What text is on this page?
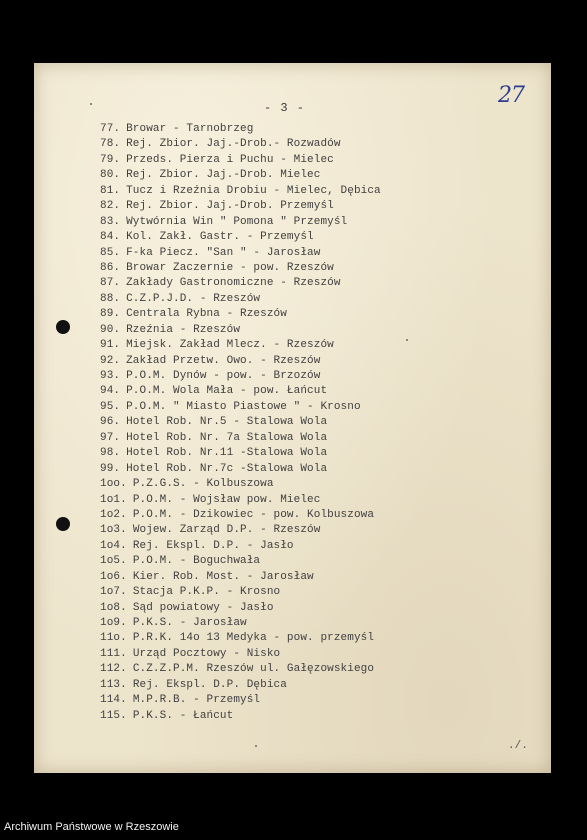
27
- 3 -
77. Browar - Tarnobrzeg
78. Rej. Zbior. Jaj.-Drob.- Rozwadów
79. Przeds. Pierza i Puchu - Mielec
80. Rej. Zbior. Jaj.-Drob. Mielec
81. Tucz i Rzeźnia Drobiu - Mielec, Dębica
82. Rej. Zbior. Jaj.-Drob. Przemyśl
83. Wytwórnia Win " Pomona " Przemyśl
84. Kol. Zakł. Gastr. - Przemyśl
85. F-ka Piecz. "San " - Jarosław
86. Browar Zaczernie - pow. Rzeszów
87. Zakłady Gastronomiczne - Rzeszów
88. C.Z.P.J.D. - Rzeszów
89. Centrala Rybna - Rzeszów
90. Rzeźnia - Rzeszów
91. Miejsk. Zakład Mlecz. - Rzeszów
92. Zakład Przetw. Owo. - Rzeszów
93. P.O.M. Dynów - pow. - Brzozów
94. P.O.M. Wola Mała - pow. Łańcut
95. P.O.M. " Miasto Piastowe " - Krosno
96. Hotel Rob. Nr.5 - Stalowa Wola
97. Hotel Rob. Nr. 7a Stalowa Wola
98. Hotel Rob. Nr.11 -Stalowa Wola
99. Hotel Rob. Nr.7c -Stalowa Wola
1oo. P.Z.G.S. - Kolbuszowa
1o1. P.O.M. - Wojsław pow. Mielec
1o2. P.O.M. - Dzikowiec - pow. Kolbuszowa
1o3. Wojew. Zarząd D.P. - Rzeszów
1o4. Rej. Ekspl. D.P. - Jasło
1o5. P.O.M. - Boguchwała
1o6. Kier. Rob. Most. - Jarosław
1o7. Stacja P.K.P. - Krosno
1o8. Sąd powiatowy - Jasło
1o9. P.K.S. - Jarosław
11o. P.R.K. 14o 13 Medyka - pow. przemyśl
111. Urząd Pocztowy - Nisko
112. C.Z.Z.P.M. Rzeszów ul. Gałęzowskiego
113. Rej. Ekspl. D.P. Dębica
114. M.P.R.B. - Przemyśl
115. P.K.S. - Łańcut
./.
Archiwum Państwowe w Rzeszowie
